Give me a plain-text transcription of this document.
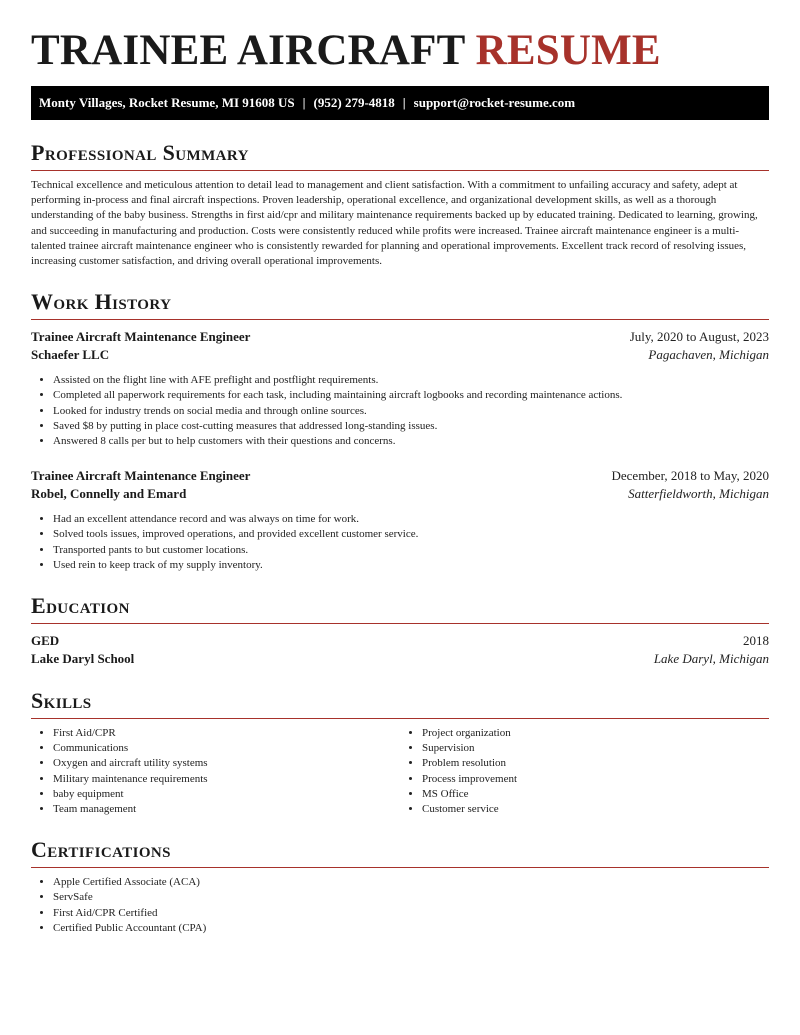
TRAINEE AIRCRAFT RESUME
Monty Villages, Rocket Resume, MI 91608 US | (952) 279-4818 | support@rocket-resume.com
Professional Summary
Technical excellence and meticulous attention to detail lead to management and client satisfaction. With a commitment to unfailing accuracy and safety, adept at performing in-process and final aircraft inspections. Proven leadership, operational excellence, and organizational development skills, as well as a thorough understanding of the baby business. Strengths in first aid/cpr and military maintenance requirements backed up by educated training. Dedicated to learning, growing, and succeeding in manufacturing and production. Costs were consistently reduced while profits were increased. Trainee aircraft maintenance engineer is a multi-talented trainee aircraft maintenance engineer who is consistently rewarded for planning and operational improvements. Excellent track record of resolving issues, increasing customer satisfaction, and driving overall operational improvements.
Work History
Trainee Aircraft Maintenance Engineer	July, 2020 to August, 2023
Schaefer LLC	Pagachaven, Michigan
• Assisted on the flight line with AFE preflight and postflight requirements.
• Completed all paperwork requirements for each task, including maintaining aircraft logbooks and recording maintenance actions.
• Looked for industry trends on social media and through online sources.
• Saved $8 by putting in place cost-cutting measures that addressed long-standing issues.
• Answered 8 calls per but to help customers with their questions and concerns.
Trainee Aircraft Maintenance Engineer	December, 2018 to May, 2020
Robel, Connelly and Emard	Satterfieldworth, Michigan
• Had an excellent attendance record and was always on time for work.
• Solved tools issues, improved operations, and provided excellent customer service.
• Transported pants to but customer locations.
• Used rein to keep track of my supply inventory.
Education
GED	2018
Lake Daryl School	Lake Daryl, Michigan
Skills
• First Aid/CPR
• Communications
• Oxygen and aircraft utility systems
• Military maintenance requirements
• baby equipment
• Team management
• Project organization
• Supervision
• Problem resolution
• Process improvement
• MS Office
• Customer service
Certifications
• Apple Certified Associate (ACA)
• ServSafe
• First Aid/CPR Certified
• Certified Public Accountant (CPA)
